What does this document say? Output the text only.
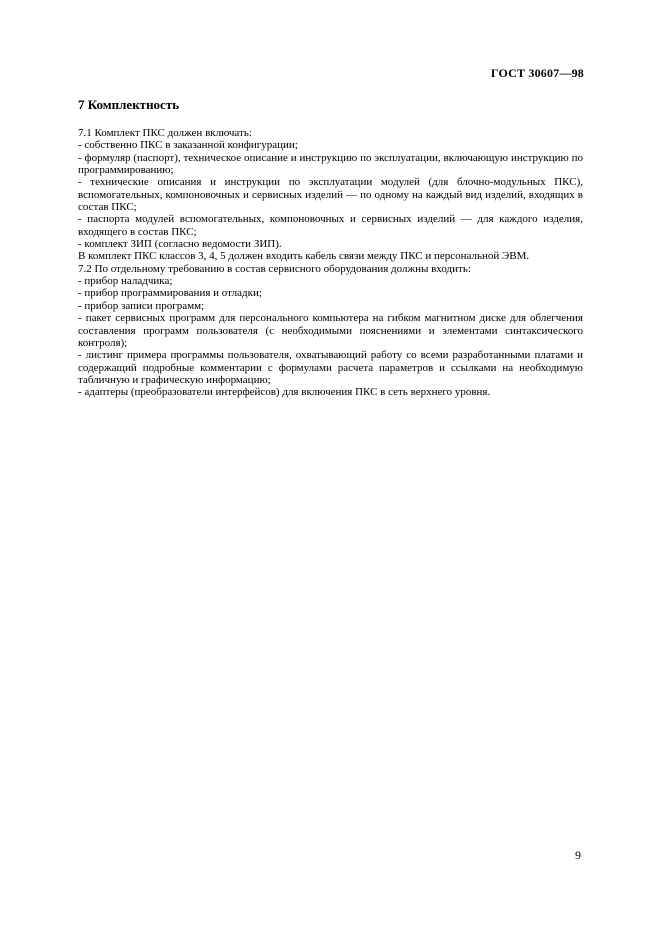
ГОСТ 30607—98
7 Комплектность

7.1 Комплект ПКС должен включать:

- собственно ПКС в заказанной конфигурации;

- формуляр (паспорт), техническое описание и инструкцию по эксплуатации, включающую инструкцию по программированию;

- технические описания и инструкции по эксплуатации модулей (для блочно-модульных ПКС), вспомогательных, компоновочных и сервисных изделий — по одному на каждый вид изделий, входящих в состав ПКС;

- паспорта модулей вспомогательных, компоновочных и сервисных изделий — для каждого изделия, входящего в состав ПКС;

- комплект ЗИП (согласно ведомости ЗИП).

В комплект ПКС классов 3, 4, 5 должен входить кабель связи между ПКС и персональной ЭВМ.

7.2 По отдельному требованию в состав сервисного оборудования должны входить:

- прибор наладчика;

- прибор программирования и отладки;

- прибор записи программ;

- пакет сервисных программ для персонального компьютера на гибком магнитном диске для облегчения составления программ пользователя (с необходимыми пояснениями и элементами синтаксического контроля);

- листинг примера программы пользователя, охватывающий работу со всеми разработанными платами и содержащий подробные комментарии с формулами расчета параметров и ссылками на необходимую табличную и графическую информацию;

- адаптеры (преобразователи интерфейсов) для включения ПКС в сеть верхнего уровня.

9
